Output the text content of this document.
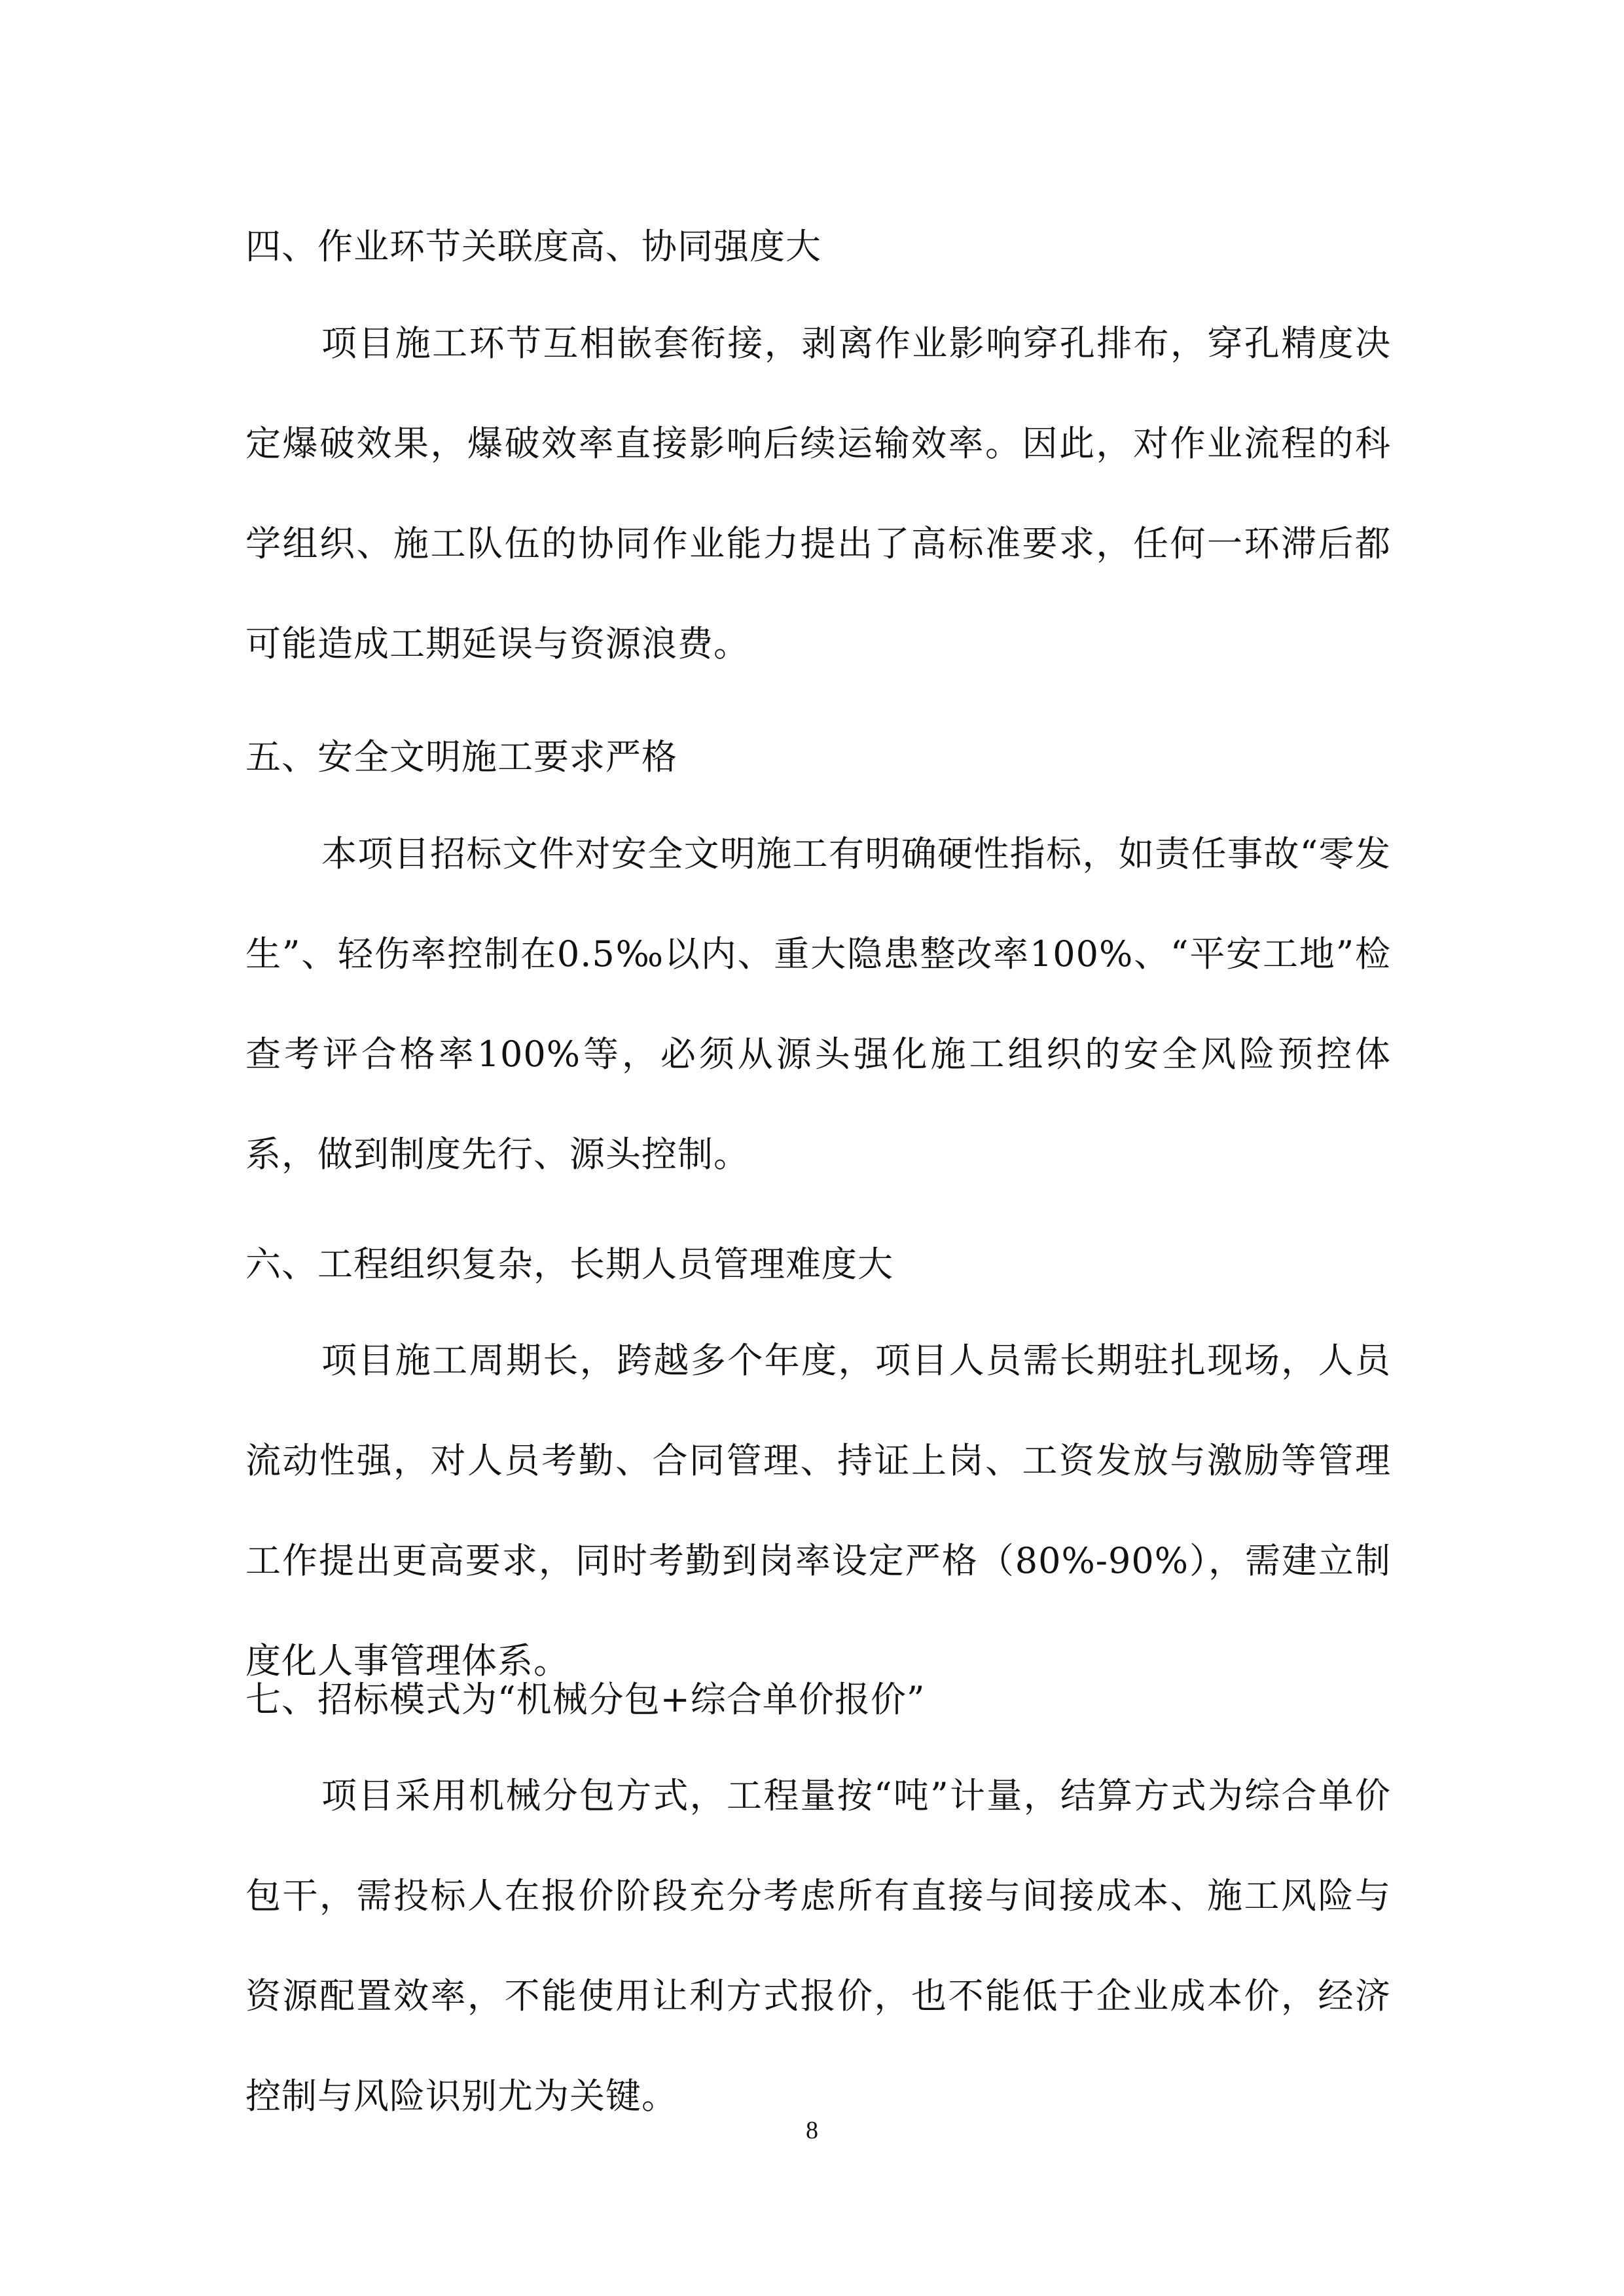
四、作业环节关联度高、协同强度大

项目施工环节互相嵌套衔接，剥离作业影响穿孔排布，穿孔精度决定爆破效果，爆破效率直接影响后续运输效率。因此，对作业流程的科学组织、施工队伍的协同作业能力提出了高标准要求，任何一环滞后都可能造成工期延误与资源浪费。

五、安全文明施工要求严格

本项目招标文件对安全文明施工有明确硬性指标，如责任事故“零发生”、轻伤率控制在0.5‰以内、重大隐患整改率100%、“平安工地”检查考评合格率100%等，必须从源头强化施工组织的安全风险预控体系，做到制度先行、源头控制。

六、工程组织复杂，长期人员管理难度大

项目施工周期长，跨越多个年度，项目人员需长期驻扎现场，人员流动性强，对人员考勤、合同管理、持证上岗、工资发放与激励等管理工作提出更高要求，同时考勤到岗率设定严格（80%-90%），需建立制度化人事管理体系。

七、招标模式为“机械分包+综合单价报价”

项目采用机械分包方式，工程量按“吨”计量，结算方式为综合单价包干，需投标人在报价阶段充分考虑所有直接与间接成本、施工风险与资源配置效率，不能使用让利方式报价，也不能低于企业成本价，经济控制与风险识别尤为关键。

8
